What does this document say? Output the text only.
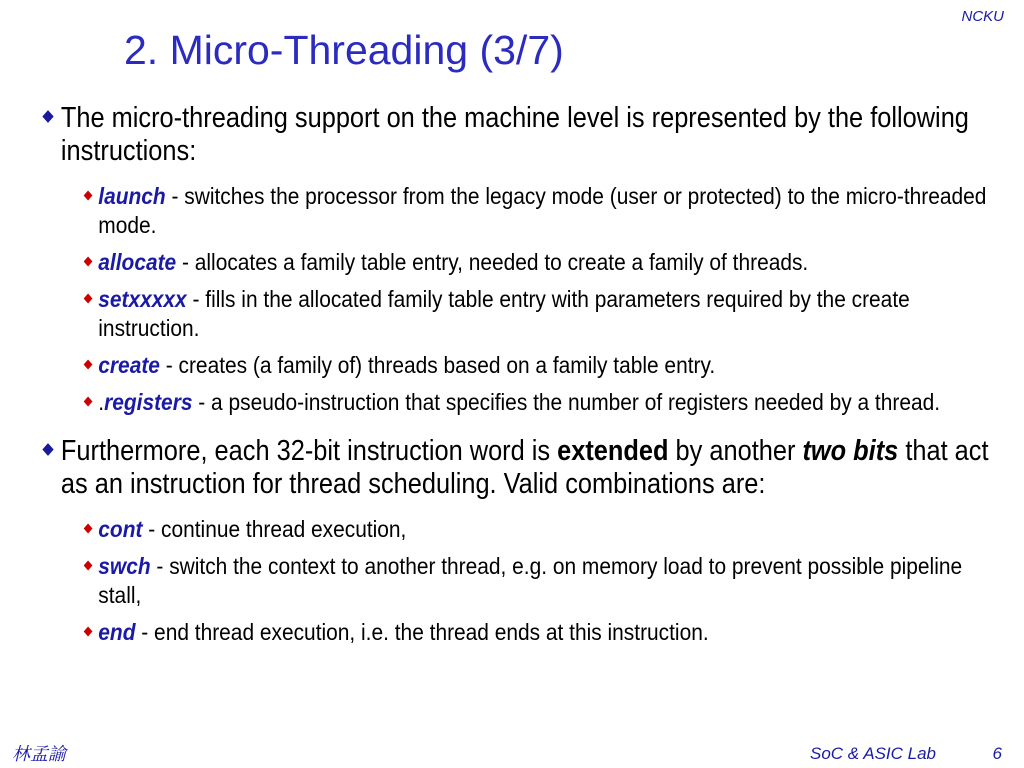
NCKU
2. Micro-Threading (3/7)
The micro-threading support on the machine level is represented by the following instructions:
launch - switches the processor from the legacy mode (user or protected) to the micro-threaded mode.
allocate - allocates a family table entry, needed to create a family of threads.
setxxxxx - fills in the allocated family table entry with parameters required by the create instruction.
create - creates (a family of) threads based on a family table entry.
.registers - a pseudo-instruction that specifies the number of registers needed by a thread.
Furthermore, each 32-bit instruction word is extended by another two bits that act as an instruction for thread scheduling. Valid combinations are:
cont - continue thread execution,
swch - switch the context to another thread, e.g. on memory load to prevent possible pipeline stall,
end - end thread execution, i.e. the thread ends at this instruction.
林孟諭	SoC & ASIC Lab	6
